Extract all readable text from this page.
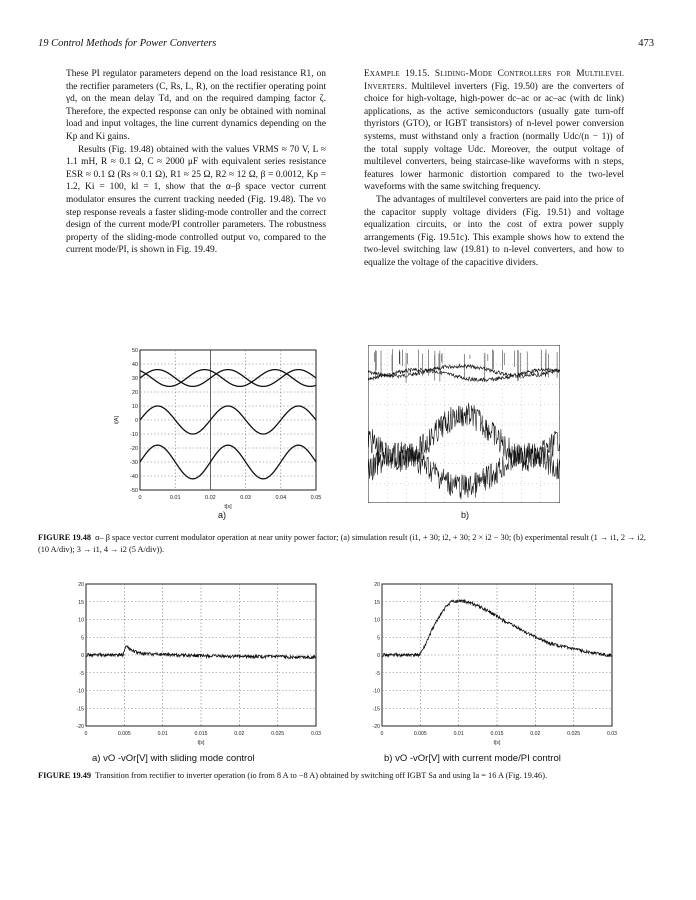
19 Control Methods for Power Converters	473

These PI regulator parameters depend on the load resistance R1, on the rectifier parameters (C, Rs, L, R), on the rectifier operating point γd, on the mean delay Td, and on the required damping factor ζ. Therefore, the expected response can only be obtained with nominal load and input voltages, the line current dynamics depending on the Kp and Ki gains.

Results (Fig. 19.48) obtained with the values VRMS ≈ 70 V, L ≈ 1.1 mH, R ≈ 0.1 Ω, C ≈ 2000 μF with equivalent series resistance ESR ≈ 0.1 Ω (Rs ≈ 0.1 Ω), R1 ≈ 25 Ω, R2 ≈ 12 Ω, β = 0.0012, Kp = 1.2, Ki = 100, kl = 1, show that the α–β space vector current modulator ensures the current tracking needed (Fig. 19.48). The vo step response reveals a faster sliding-mode controller and the correct design of the current mode/PI controller parameters. The robustness property of the sliding-mode controlled output vo, compared to the current mode/PI, is shown in Fig. 19.49.

Example 19.15. Sliding-Mode Controllers for Multilevel Inverters. Multilevel inverters (Fig. 19.50) are the converters of choice for high-voltage, high-power dc–ac or ac–ac (with dc link) applications, as the active semiconductors (usually gate turn-off thyristors (GTO), or IGBT transistors) of n-level power conversion systems, must withstand only a fraction (normally Udc/(n − 1)) of the total supply voltage Udc. Moreover, the output voltage of multilevel converters, being staircase-like waveforms with n steps, features lower harmonic distortion compared to the two-level waveforms with the same switching frequency.

The advantages of multilevel converters are paid into the price of the capacitor supply voltage dividers (Fig. 19.51) and voltage equalization circuits, or into the cost of extra power supply arrangements (Fig. 19.51c). This example shows how to extend the two-level switching law (19.81) to n-level converters, and how to equalize the voltage of the capacitive dividers.

0	0.01	0.02	0.03	0.04	0.05
50
40
30
20
10
0
-10
-20
-30
-40
-50
t[s]
i[A]
a)	b)
FIGURE 19.48 α– β space vector current modulator operation at near unity power factor; (a) simulation result (i1, + 30; i2, + 30; 2 × i2 − 30; (b) experimental result (1 → i1, 2 → i2, (10 A/div); 3 → i1, 4 → i2 (5 A/div)).
0	0.005	0.01	0.015	0.02	0.025	0.03
20
15
10
5
0
-5
-10
-15
-20
t[s]
a) vO -vOr[V] with sliding mode control
0	0.005	0.01	0.015	0.02	0.025	0.03
20
15
10
5
0
-5
-10
-15
-20
t[s]
b) vO -vOr[V] with current mode/PI control
FIGURE 19.49 Transition from rectifier to inverter operation (io from 8 A to −8 A) obtained by switching off IGBT Sa and using Ia = 16 A (Fig. 19.46).
